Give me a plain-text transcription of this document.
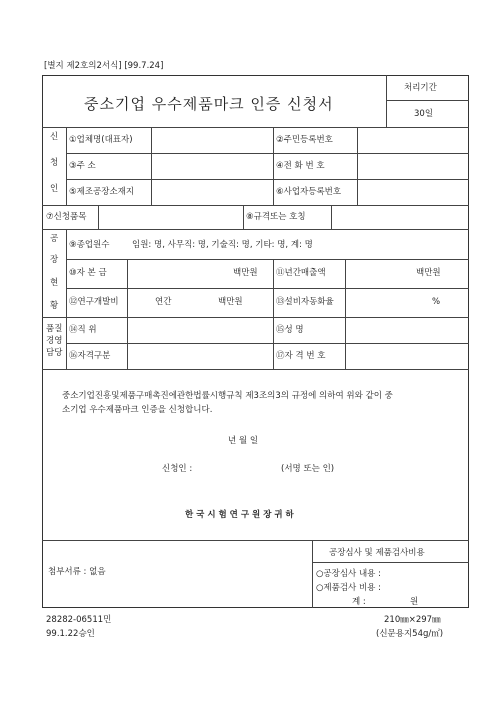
[별지 제2호의2서식] [99.7.24]
중소기업 우수제품마크 인증 신청서
처리기간
30일
신
청
인
①업체명(대표자)	②주민등록번호
③주 소	④전 화 번 호
⑤제조공장소재지	⑥사업자등록번호
⑦신청품목	⑧규격또는 호칭
공
장
현
황
⑨종업원수	임원: 명, 사무직: 명, 기술직: 명, 기타: 명, 계: 명
⑩자 본 금	백만원 ⑪년간매출액	백만원
⑫연구개발비	연간	백만원	⑬설비자동화율	%
품질
경영
담당
⑭직 위	⑮성 명
⑯자격구분	⑰자 격 번 호
중소기업진흥및제품구매촉진에관한법률시행규칙 제3조의3의 규정에 의하여 위와 같이 중
소기업 우수제품마크 인증을 신청합니다.
년 월 일
신청인 :	(서명 또는 인)
한 국 시 험 연 구 원 장 귀 하
첨부서류 : 없음
공장심사 및 제품검사비용
○공장심사 내용 :
○제품검사 비용 :
계 :	원
28282-06511민
99.1.22승인
210㎜×297㎜
(신문용지54g/㎡)
